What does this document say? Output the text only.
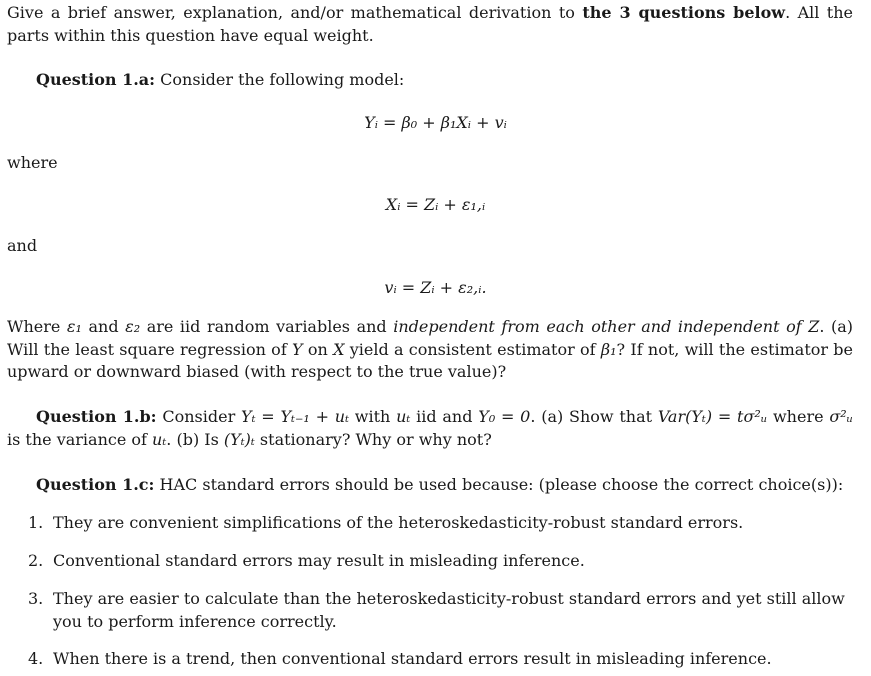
Give a brief answer, explanation, and/or mathematical derivation to the 3 questions below. All the parts within this question have equal weight.
Question 1.a: Consider the following model:
Yᵢ = β₀ + β₁Xᵢ + vᵢ
where
Xᵢ = Zᵢ + ε₁,ᵢ
and
vᵢ = Zᵢ + ε₂,ᵢ.
Where ε₁ and ε₂ are iid random variables and independent from each other and independent of Z. (a) Will the least square regression of Y on X yield a consistent estimator of β₁? If not, will the estimator be upward or downward biased (with respect to the true value)?
Question 1.b: Consider Yₜ = Yₜ₋₁ + uₜ with uₜ iid and Y₀ = 0. (a) Show that Var(Yₜ) = tσ²ᵤ where σ²ᵤ is the variance of uₜ. (b) Is (Yₜ)ₜ stationary? Why or why not?
Question 1.c: HAC standard errors should be used because: (please choose the correct choice(s)):
1. They are convenient simplifications of the heteroskedasticity-robust standard errors.
2. Conventional standard errors may result in misleading inference.
3. They are easier to calculate than the heteroskedasticity-robust standard errors and yet still allow you to perform inference correctly.
4. When there is a trend, then conventional standard errors result in misleading inference.
